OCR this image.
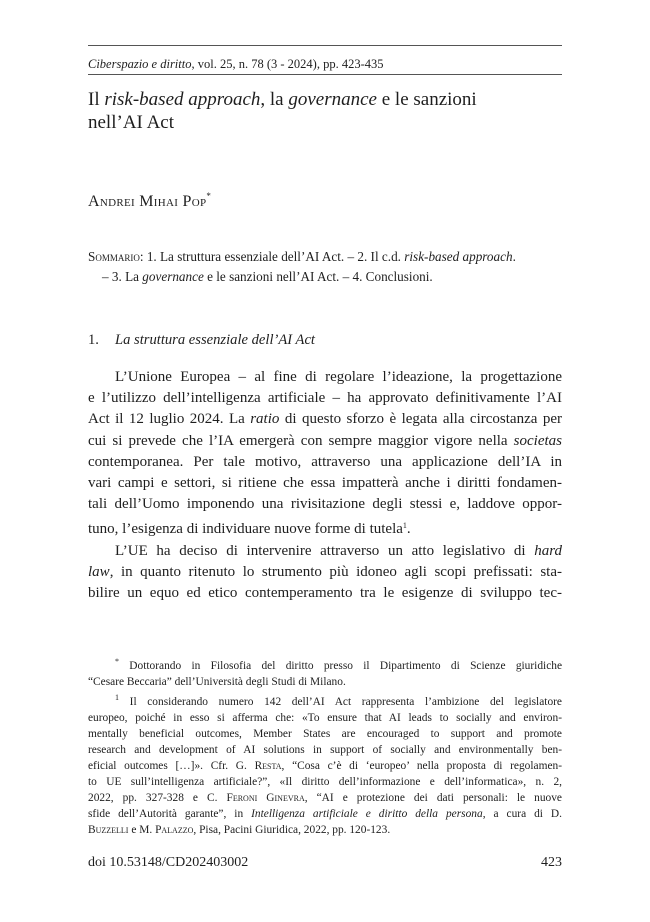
Ciberspazio e diritto, vol. 25, n. 78 (3 - 2024), pp. 423-435
Il risk-based approach, la governance e le sanzioni
nell’AI Act
Andrei Mihai Pop*
Sommario: 1. La struttura essenziale dell’AI Act. – 2. Il c.d. risk-based approach.
– 3. La governance e le sanzioni nell’AI Act. – 4. Conclusioni.
1. La struttura essenziale dell’AI Act
L’Unione Europea – al fine di regolare l’ideazione, la progettazione
e l’utilizzo dell’intelligenza artificiale – ha approvato definitivamente l’AI
Act il 12 luglio 2024. La ratio di questo sforzo è legata alla circostanza per
cui si prevede che l’IA emergerà con sempre maggior vigore nella societas
contemporanea. Per tale motivo, attraverso una applicazione dell’IA in
vari campi e settori, si ritiene che essa impatterà anche i diritti fondamen-
tali dell’Uomo imponendo una rivisitazione degli stessi e, laddove oppor-
tuno, l’esigenza di individuare nuove forme di tutela$^1$.
L’UE ha deciso di intervenire attraverso un atto legislativo di hard
law, in quanto ritenuto lo strumento più idoneo agli scopi prefissati: sta-
bilire un equo ed etico contemperamento tra le esigenze di sviluppo tec-
* Dottorando in Filosofia del diritto presso il Dipartimento di Scienze giuridiche
“Cesare Beccaria” dell’Università degli Studi di Milano.
$^1$ Il considerando numero 142 dell’AI Act rappresenta l’ambizione del legislatore
europeo, poiché in esso si afferma che: «To ensure that AI leads to socially and environ-
mentally beneficial outcomes, Member States are encouraged to support and promote
research and development of AI solutions in support of socially and environmentally ben-
eficial outcomes […]». Cfr. G. Resta, “Cosa c’è di ‘europeo’ nella proposta di regolamen-
to UE sull’intelligenza artificiale?”, «Il diritto dell’informazione e dell’informatica», n. 2,
2022, pp. 327-328 e C. Feroni Ginevra, “AI e protezione dei dati personali: le nuove
sfide dell’Autorità garante”, in Intelligenza artificiale e diritto della persona, a cura di D.
Buzzelli e M. Palazzo, Pisa, Pacini Giuridica, 2022, pp. 120-123.
doi 10.53148/CD202403002	423
